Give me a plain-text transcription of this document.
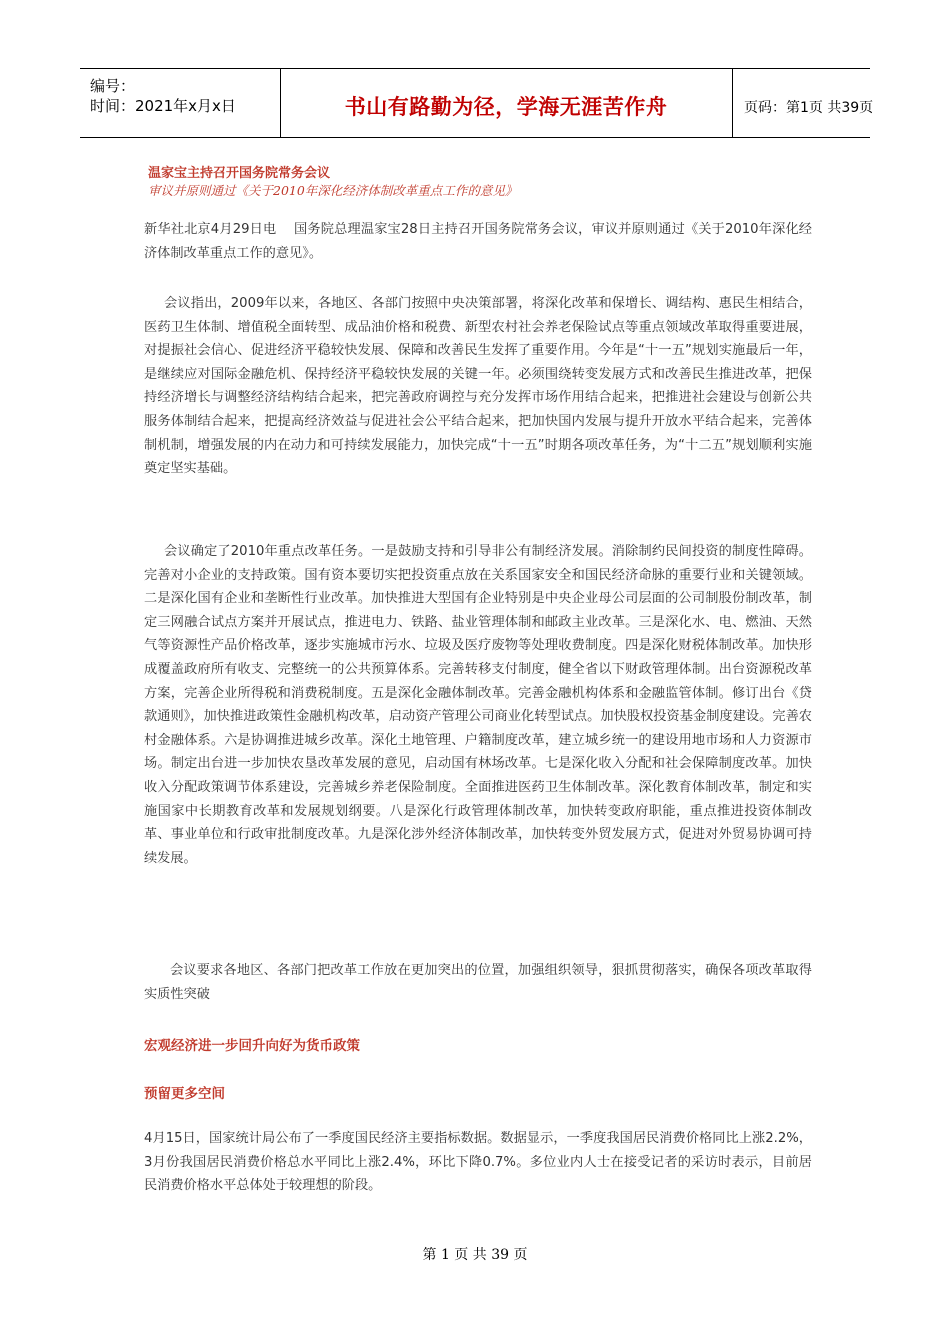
编号：
时间：2021年x月x日	书山有路勤为径，学海无涯苦作舟	页码：第1页 共39页
温家宝主持召开国务院常务会议
审议并原则通过《关于2010年深化经济体制改革重点工作的意见》

新华社北京4月29日电　 国务院总理温家宝28日主持召开国务院常务会议，审议并原则通过《关于2010年深化经济体制改革重点工作的意见》。

会议指出，2009年以来，各地区、各部门按照中央决策部署，将深化改革和保增长、调结构、惠民生相结合，医药卫生体制、增值税全面转型、成品油价格和税费、新型农村社会养老保险试点等重点领域改革取得重要进展，对提振社会信心、促进经济平稳较快发展、保障和改善民生发挥了重要作用。今年是“十一五”规划实施最后一年，是继续应对国际金融危机、保持经济平稳较快发展的关键一年。必须围绕转变发展方式和改善民生推进改革，把保持经济增长与调整经济结构结合起来，把完善政府调控与充分发挥市场作用结合起来，把推进社会建设与创新公共服务体制结合起来，把提高经济效益与促进社会公平结合起来，把加快国内发展与提升开放水平结合起来，完善体制机制，增强发展的内在动力和可持续发展能力，加快完成“十一五”时期各项改革任务，为“十二五”规划顺利实施奠定坚实基础。

会议确定了2010年重点改革任务。一是鼓励支持和引导非公有制经济发展。消除制约民间投资的制度性障碍。完善对小企业的支持政策。国有资本要切实把投资重点放在关系国家安全和国民经济命脉的重要行业和关键领域。二是深化国有企业和垄断性行业改革。加快推进大型国有企业特别是中央企业母公司层面的公司制股份制改革，制定三网融合试点方案并开展试点，推进电力、铁路、盐业管理体制和邮政主业改革。三是深化水、电、燃油、天然气等资源性产品价格改革，逐步实施城市污水、垃圾及医疗废物等处理收费制度。四是深化财税体制改革。加快形成覆盖政府所有收支、完整统一的公共预算体系。完善转移支付制度，健全省以下财政管理体制。出台资源税改革方案，完善企业所得税和消费税制度。五是深化金融体制改革。完善金融机构体系和金融监管体制。修订出台《贷款通则》，加快推进政策性金融机构改革，启动资产管理公司商业化转型试点。加快股权投资基金制度建设。完善农村金融体系。六是协调推进城乡改革。深化土地管理、户籍制度改革，建立城乡统一的建设用地市场和人力资源市场。制定出台进一步加快农垦改革发展的意见，启动国有林场改革。七是深化收入分配和社会保障制度改革。加快收入分配政策调节体系建设，完善城乡养老保险制度。全面推进医药卫生体制改革。深化教育体制改革，制定和实施国家中长期教育改革和发展规划纲要。八是深化行政管理体制改革，加快转变政府职能，重点推进投资体制改革、事业单位和行政审批制度改革。九是深化涉外经济体制改革，加快转变外贸发展方式，促进对外贸易协调可持续发展。

会议要求各地区、各部门把改革工作放在更加突出的位置，加强组织领导，狠抓贯彻落实，确保各项改革取得实质性突破

宏观经济进一步回升向好为货币政策
预留更多空间

4月15日，国家统计局公布了一季度国民经济主要指标数据。数据显示，一季度我国居民消费价格同比上涨2.2%，3月份我国居民消费价格总水平同比上涨2.4%，环比下降0.7%。多位业内人士在接受记者的采访时表示，目前居民消费价格水平总体处于较理想的阶段。

第 1 页 共 39 页
